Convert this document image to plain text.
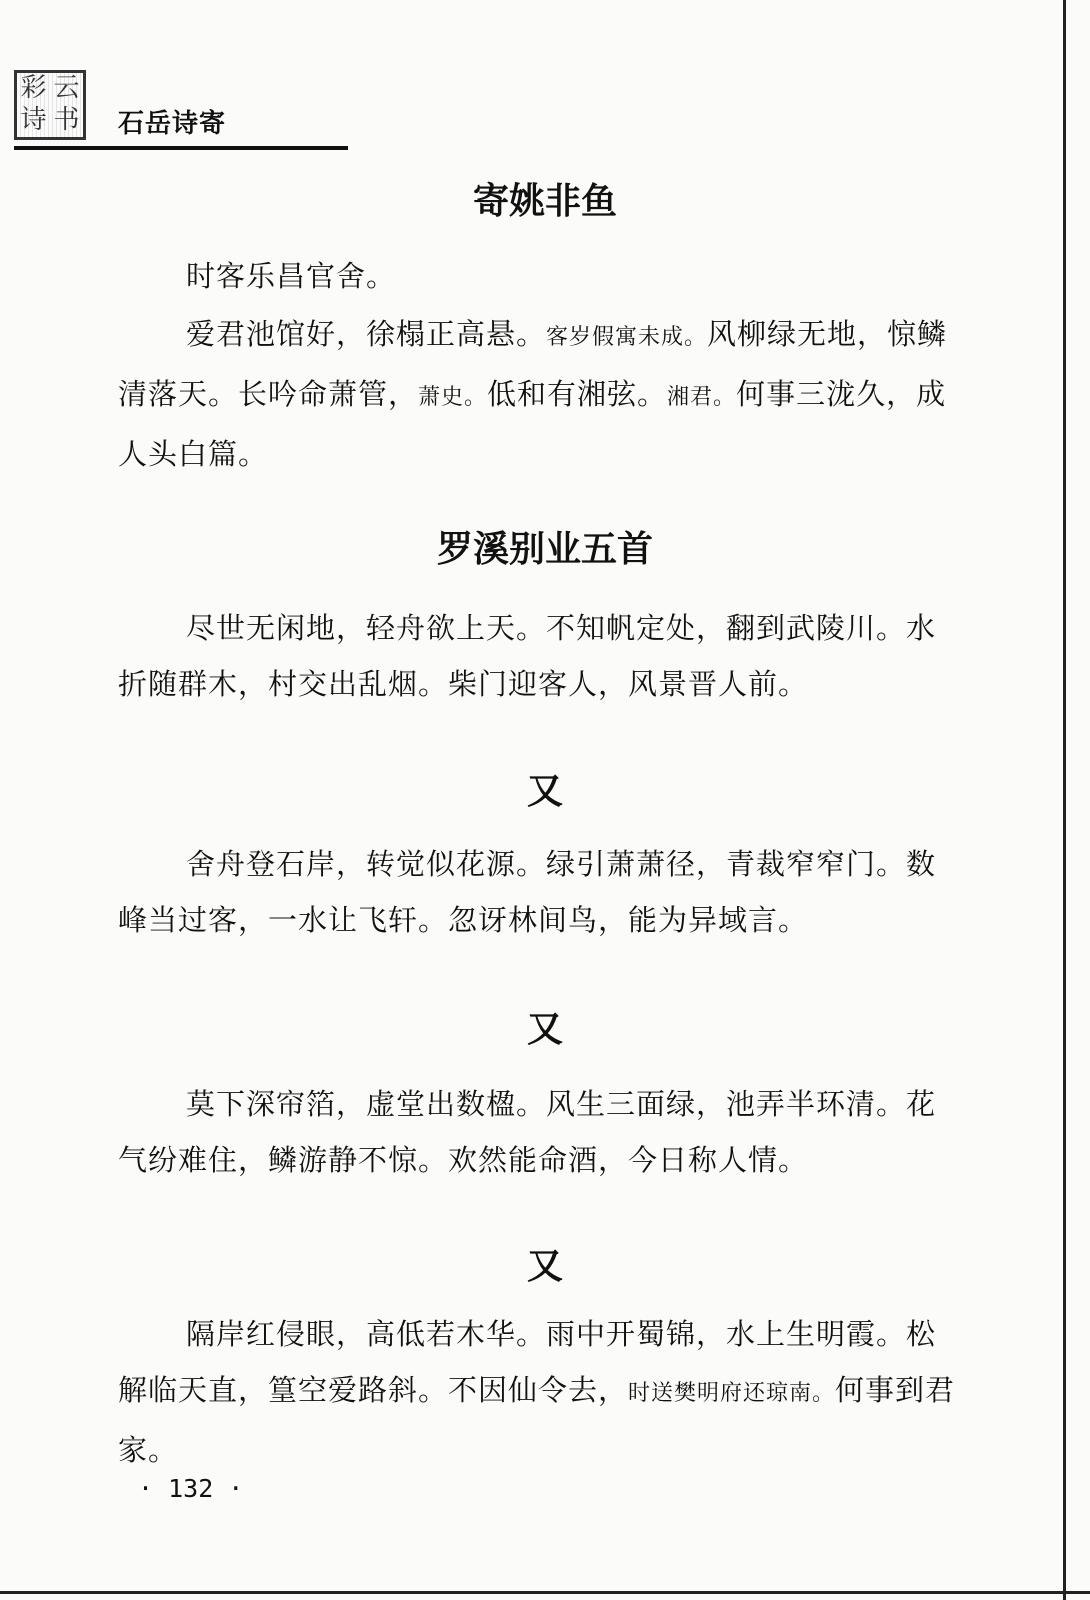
彩 云
诗 书 石岳诗寄
寄姚非鱼
时客乐昌官舍。
爱君池馆好，徐榻正高悬。客岁假寓未成。风柳绿无地，惊鳞清落天。长吟命萧管，萧史。低和有湘弦。湘君。何事三泷久，成人头白篇。
罗溪别业五首
尽世无闲地，轻舟欲上天。不知帆定处，翻到武陵川。水折随群木，村交出乱烟。柴门迎客人，风景晋人前。
又
舍舟登石岸，转觉似花源。绿引萧萧径，青裁窄窄门。数峰当过客，一水让飞轩。忽讶林间鸟，能为异域言。
又
莫下深帘箔，虚堂出数楹。风生三面绿，池弄半环清。花气纷难住，鳞游静不惊。欢然能命酒，今日称人情。
又
隔岸红侵眼，高低若木华。雨中开蜀锦，水上生明霞。松解临天直，篁空爱路斜。不因仙令去，时送樊明府还琼南。何事到君家。
· 132 ·
